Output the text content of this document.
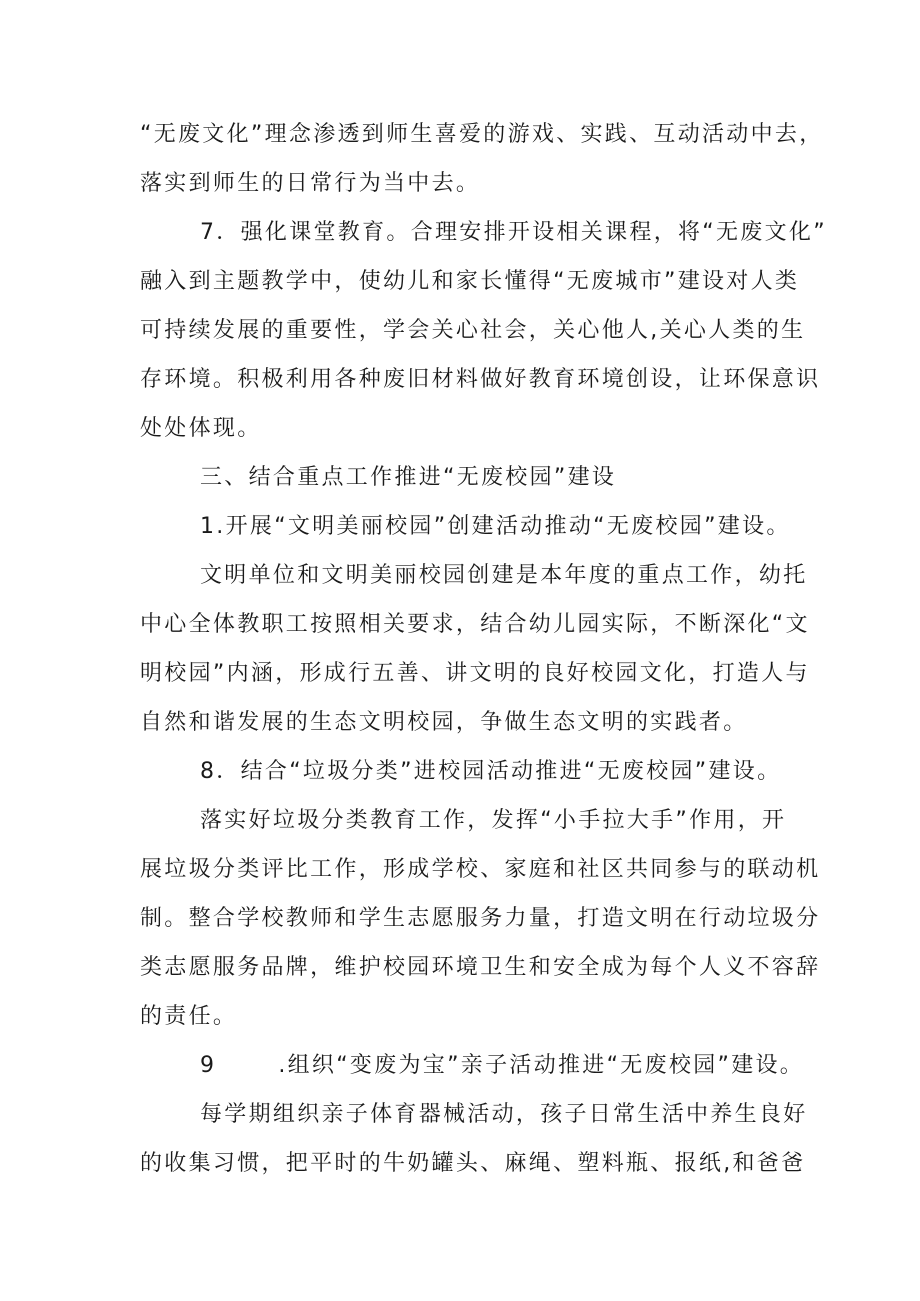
“无废文化”理念渗透到师生喜爱的游戏、实践、互动活动中去，
落实到师生的日常行为当中去。
7．强化课堂教育。合理安排开设相关课程，将“无废文化”
融入到主题教学中，使幼儿和家长懂得“无废城市”建设对人类
可持续发展的重要性，学会关心社会，关心他人,关心人类的生
存环境。积极利用各种废旧材料做好教育环境创设，让环保意识
处处体现。
三、结合重点工作推进“无废校园”建设
1.开展“文明美丽校园”创建活动推动“无废校园”建设。
文明单位和文明美丽校园创建是本年度的重点工作，幼托
中心全体教职工按照相关要求，结合幼儿园实际，不断深化“文
明校园”内涵，形成行五善、讲文明的良好校园文化，打造人与
自然和谐发展的生态文明校园，争做生态文明的实践者。
8．结合“垃圾分类”进校园活动推进“无废校园”建设。
落实好垃圾分类教育工作，发挥“小手拉大手”作用，开
展垃圾分类评比工作，形成学校、家庭和社区共同参与的联动机
制。整合学校教师和学生志愿服务力量，打造文明在行动垃圾分
类志愿服务品牌，维护校园环境卫生和安全成为每个人义不容辞
的责任。
9	.组织“变废为宝”亲子活动推进“无废校园”建设。
每学期组织亲子体育器械活动，孩子日常生活中养生良好
的收集习惯，把平时的牛奶罐头、麻绳、塑料瓶、报纸,和爸爸
